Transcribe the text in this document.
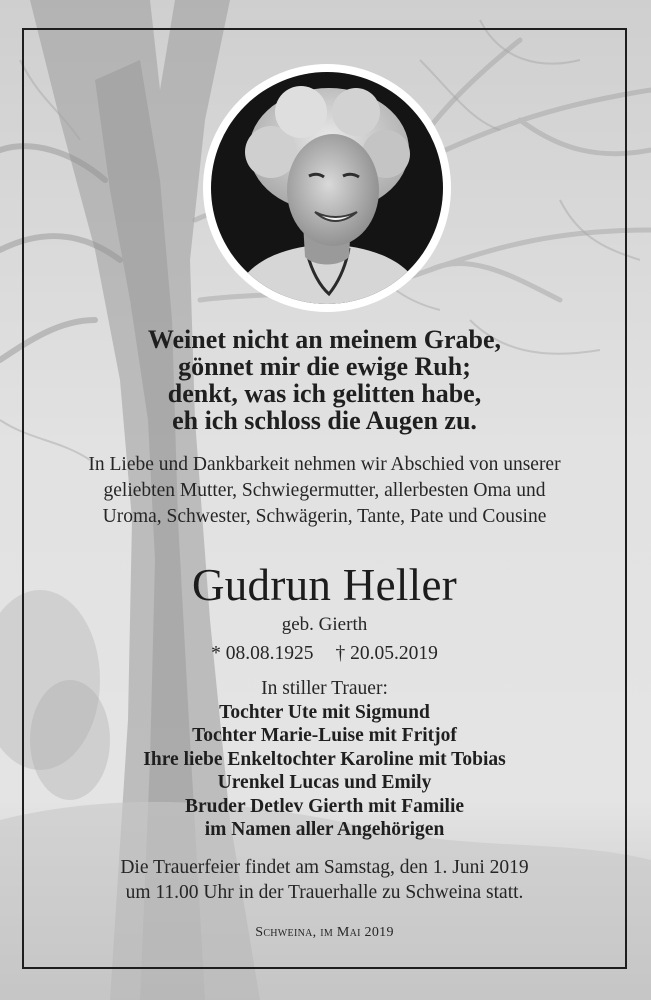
Weinet nicht an meinem Grabe,
gönnet mir die ewige Ruh;
denkt, was ich gelitten habe,
eh ich schloss die Augen zu.
In Liebe und Dankbarkeit nehmen wir Abschied von unserer
geliebten Mutter, Schwiegermutter, allerbesten Oma und
Uroma, Schwester, Schwägerin, Tante, Pate und Cousine
Gudrun Heller
geb. Gierth
* 08.08.1925 † 20.05.2019
In stiller Trauer:
Tochter Ute mit Sigmund
Tochter Marie-Luise mit Fritjof
Ihre liebe Enkeltochter Karoline mit Tobias
Urenkel Lucas und Emily
Bruder Detlev Gierth mit Familie
im Namen aller Angehörigen
Die Trauerfeier findet am Samstag, den 1. Juni 2019
um 11.00 Uhr in der Trauerhalle zu Schweina statt.
Schweina, im Mai 2019
